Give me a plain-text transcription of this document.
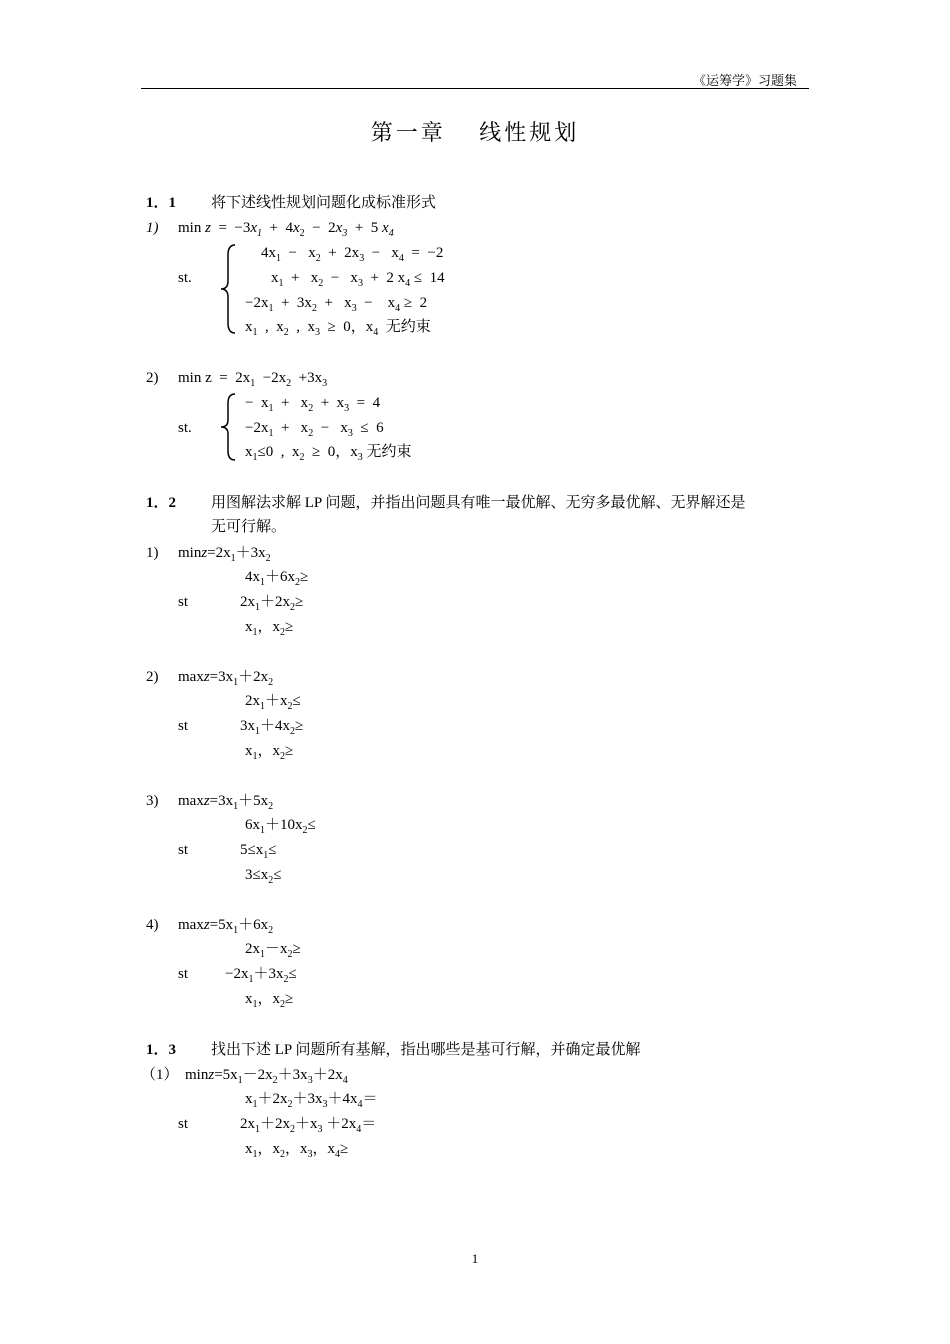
《运筹学》习题集
第一章　 线性规划
1．1 将下述线性规划问题化成标准形式
1) $\min z = -3x_1 + 4x_2 - 2x_3 + 5$ $x_4$
st.
$4x_1 - x_2 + 2x_3 - x_4 = -2$
$x_1 + x_2 - x_3 + 2$ $x_4 \le 14$
$-2x_1 + 3x_2 + x_3$  −    $x_4 \ge 2$
$x_1$  ,  $x_2$  ,  $x_3 \ge 0$，$x_4$  无约束
2) $\min z = 2x_1 -2x_2 +3x_3$
st.
−  $x_1 + x_2 + x_3 = 4$
$-2x_1 + x_2 - x_3 \le 6$
$x_1\le 0$  ,  $x_2 \ge 0$，$x_3$ 无约束
1．2 用图解法求解 LP 问题，并指出问题具有唯一最优解、无穷多最优解、无界解还是
无可行解。
1) $\min z=2x_1+3x_2$
$4x_1+6x_2\ge$
st	$2x_1+2x_2\ge$
$x_1$，$x_2\ge$
2) $\max z=3x_1+2x_2$
$2x_1+x_2\le$
st	$3x_1+4x_2\ge$
$x_1$，$x_2\ge$
3) $\max z=3x_1+5x_2$
$6x_1+10x_2\le$
st	$5\le x_1\le$
$3\le x_2\le$
4) $\max z=5x_1+6x_2$
$2x_1-x_2\ge$
st $-2x_1+3x_2\le$
$x_1$，$x_2\ge$
1．3 找出下述 LP 问题所有基解，指出哪些是基可行解，并确定最优解
（1） $\min z=5x_1-2x_2+3x_3+2x_4$
$x_1+2x_2+3x_3+4x_4=$
st	$2x_1+2x_2+x_3 +2x_4=$
$x_1$，$x_2$，$x_3$，$x_4\ge$
1
